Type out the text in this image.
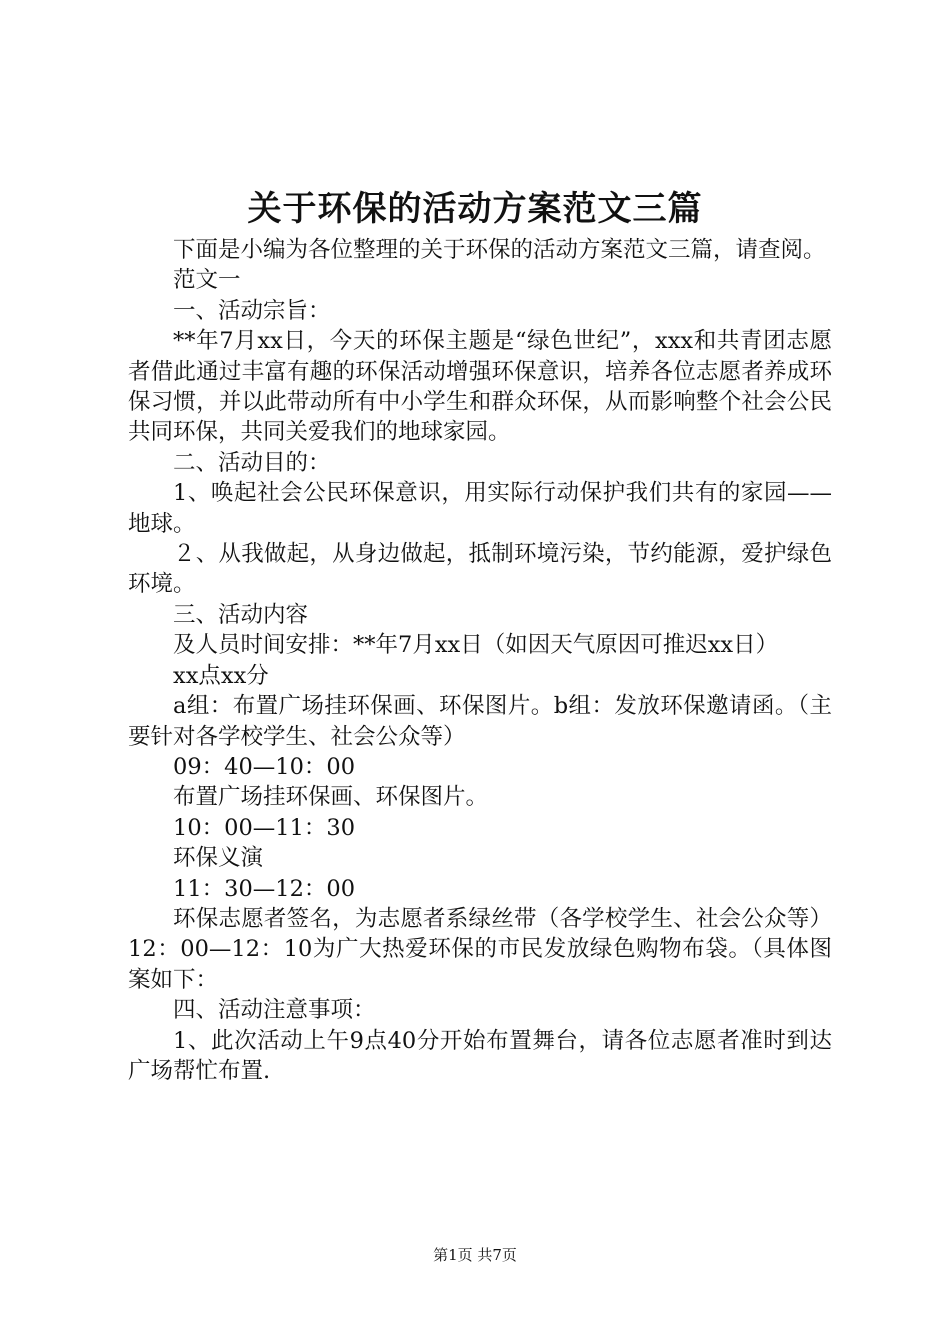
关于环保的活动方案范文三篇

下面是小编为各位整理的关于环保的活动方案范文三篇，请查阅。

范文一

一、活动宗旨：

**年7月xx日，今天的环保主题是“绿色世纪”，xxx和共青团志愿者借此通过丰富有趣的环保活动增强环保意识，培养各位志愿者养成环保习惯，并以此带动所有中小学生和群众环保，从而影响整个社会公民共同环保，共同关爱我们的地球家园。

二、活动目的：

1、唤起社会公民环保意识，用实际行动保护我们共有的家园——地球。

２、从我做起，从身边做起，抵制环境污染，节约能源，爱护绿色环境。

三、活动内容

及人员时间安排：**年7月xx日（如因天气原因可推迟xx日）

xx点xx分

a组：布置广场挂环保画、环保图片。b组：发放环保邀请函。（主要针对各学校学生、社会公众等）

09：40—10：00

布置广场挂环保画、环保图片。

10：00—11：30

环保义演

11：30—12：00

环保志愿者签名，为志愿者系绿丝带（各学校学生、社会公众等）12：00—12：10为广大热爱环保的市民发放绿色购物布袋。（具体图案如下：

四、活动注意事项：

1、此次活动上午9点40分开始布置舞台，请各位志愿者准时到达广场帮忙布置.

第1页 共7页
